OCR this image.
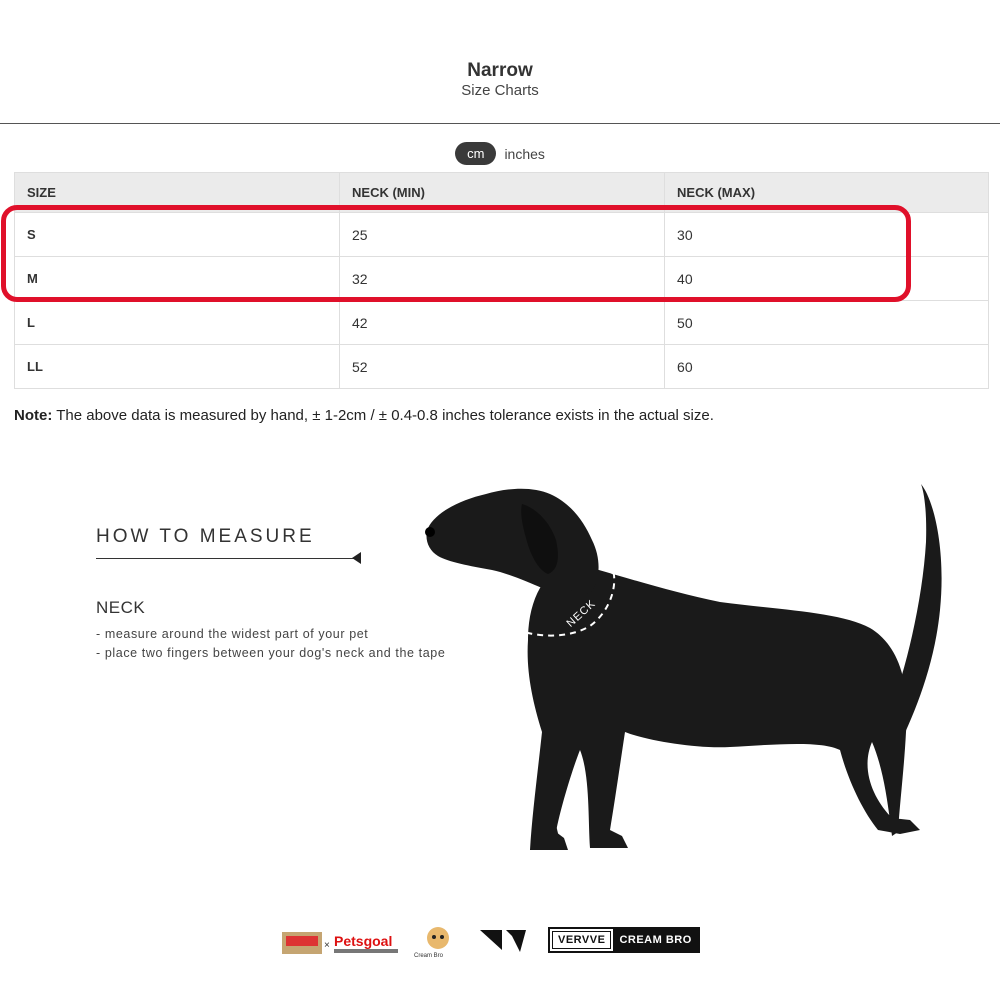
Narrow
Size Charts
cm inches
SIZE	NECK (MIN)	NECK (MAX)
S	25	30
M	32	40
L	42	50
LL	52	60
Note: The above data is measured by hand, ± 1-2cm / ± 0.4-0.8 inches tolerance exists in the actual size.
HOW TO MEASURE
NECK
- measure around the widest part of your pet
- place two fingers between your dog's neck and the tape
NECK
× Petsgoal
Cream Bro
VERVVE	CREAM BRO
